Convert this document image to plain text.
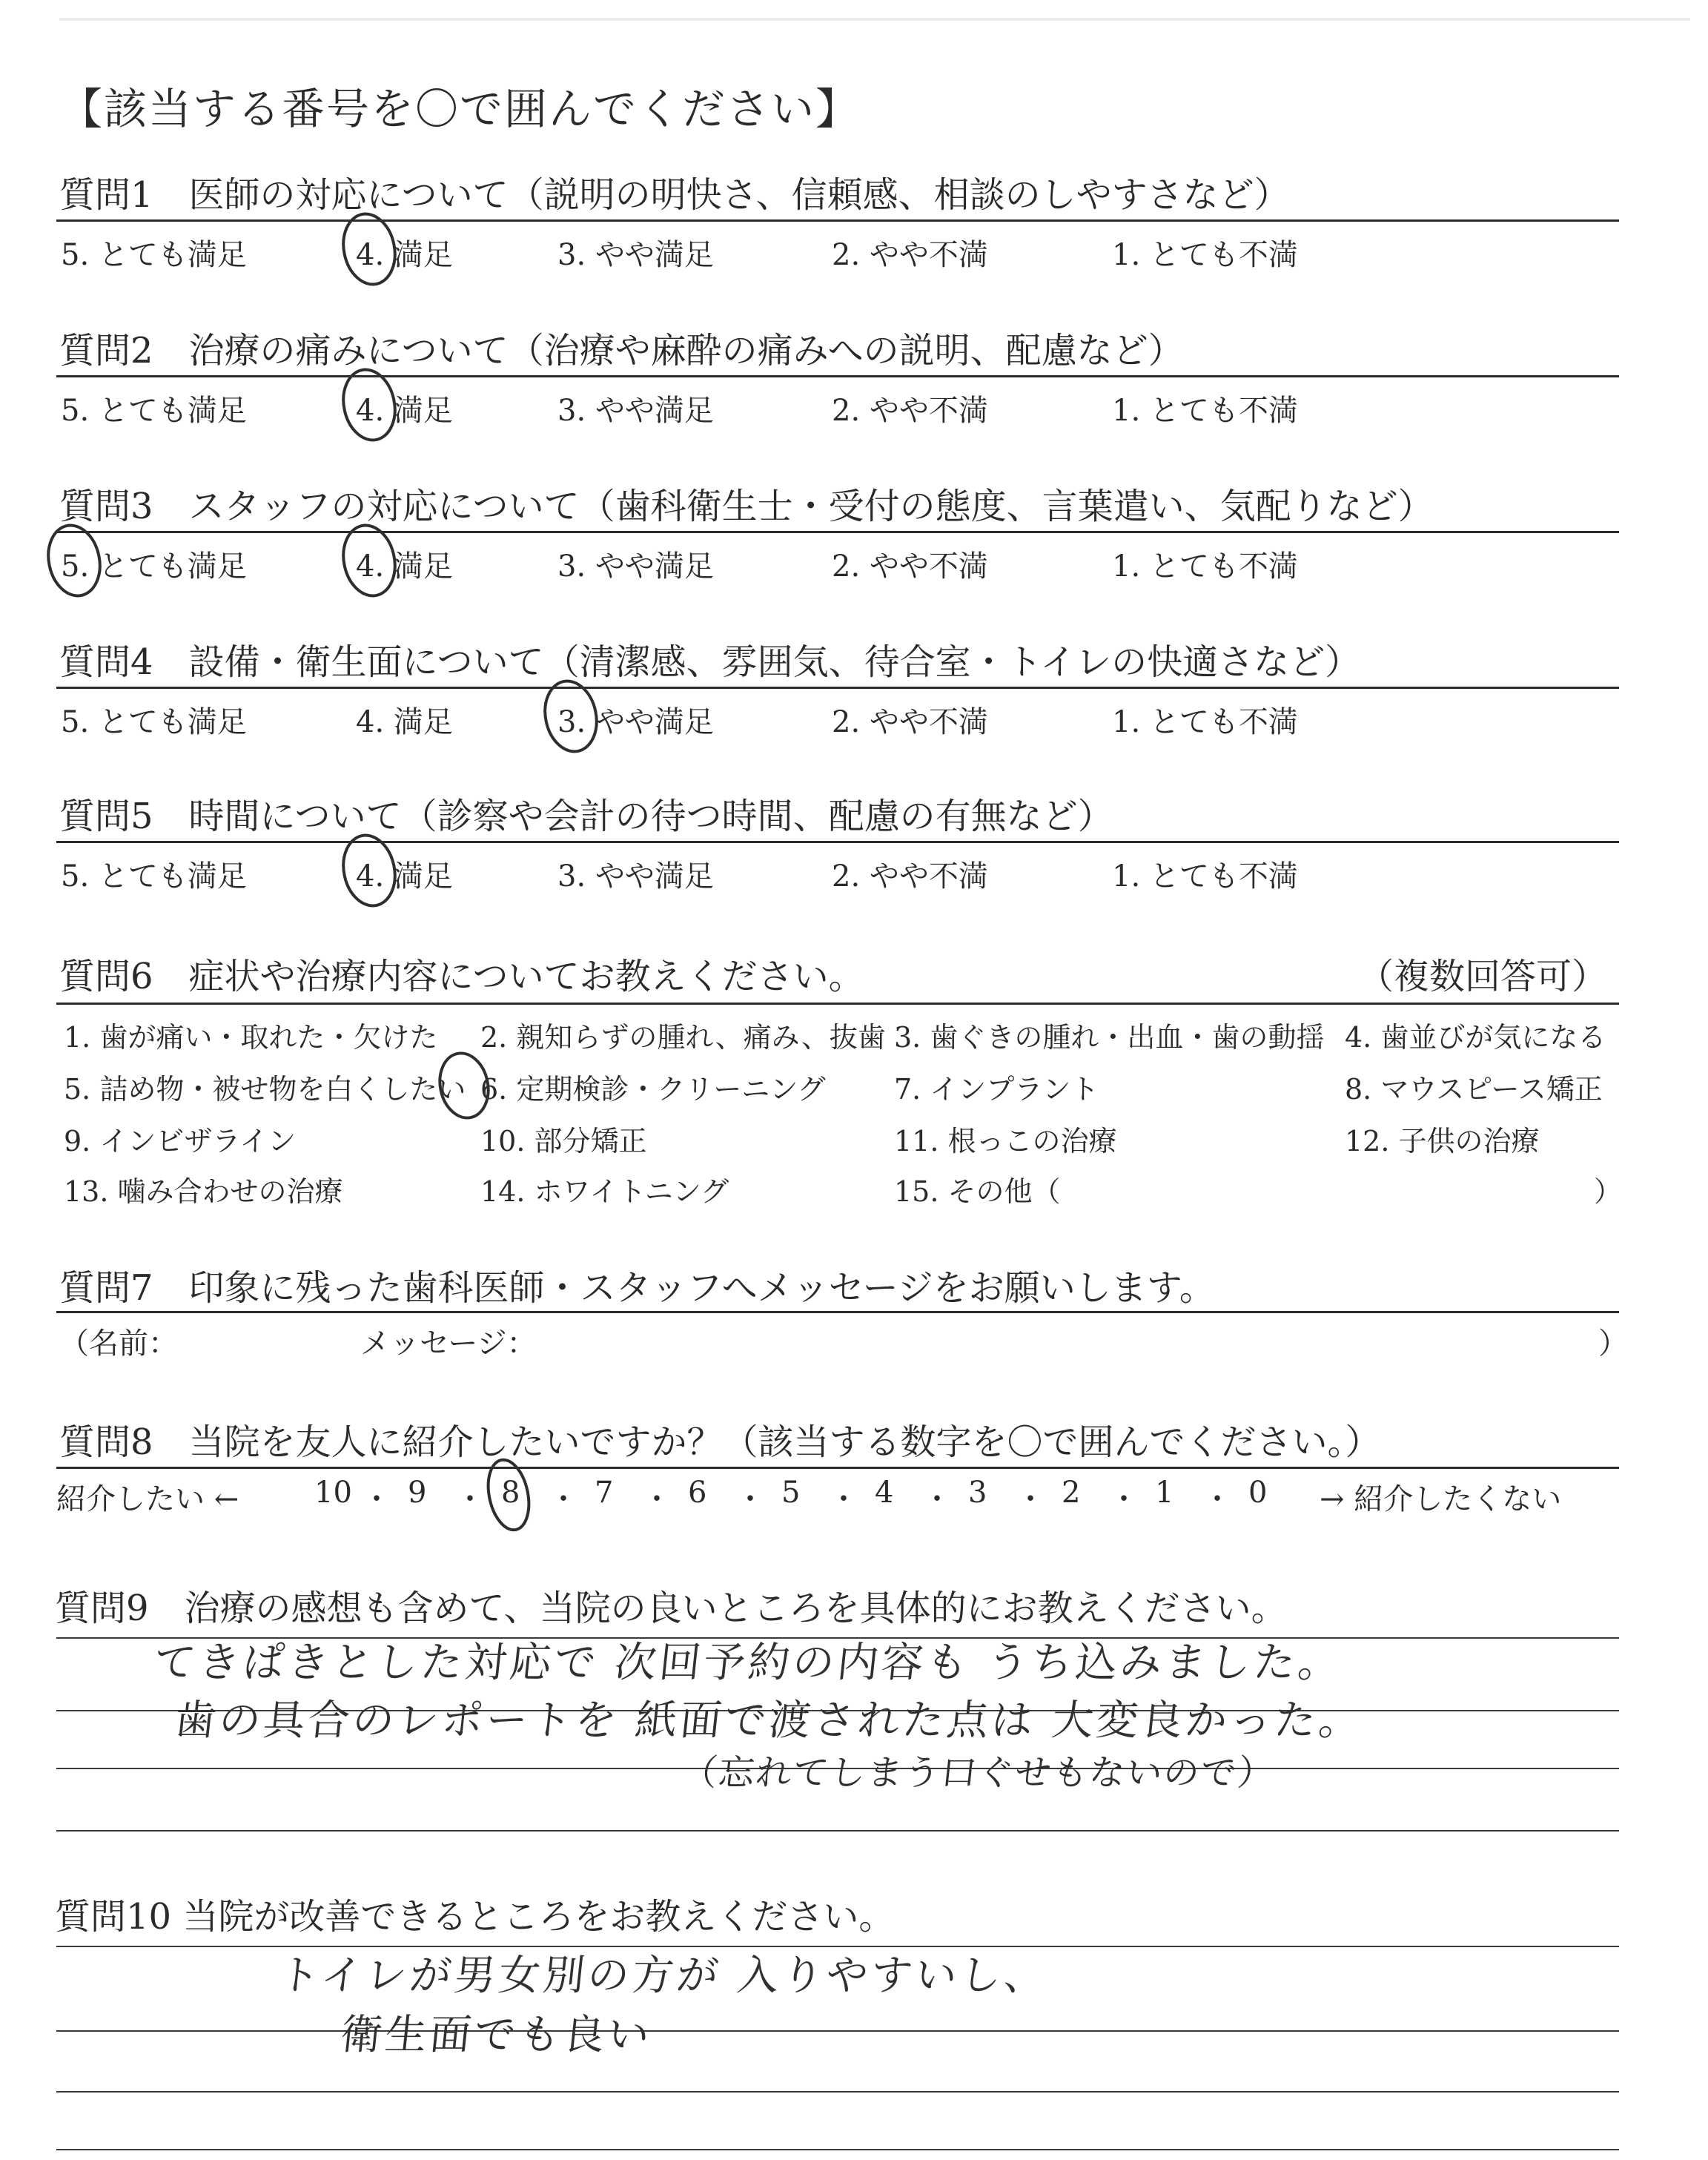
【該当する番号を〇で囲んでください】
質問1　医師の対応について（説明の明快さ、信頼感、相談のしやすさなど）
5. とても満足	4. 満足	3. やや満足	2. やや不満	1. とても不満
質問2　治療の痛みについて（治療や麻酔の痛みへの説明、配慮など）
5. とても満足	4. 満足	3. やや満足	2. やや不満	1. とても不満
質問3　スタッフの対応について（歯科衛生士・受付の態度、言葉遣い、気配りなど）
5. とても満足	4. 満足	3. やや満足	2. やや不満	1. とても不満
質問4　設備・衛生面について（清潔感、雰囲気、待合室・トイレの快適さなど）
5. とても満足	4. 満足	3. やや満足	2. やや不満	1. とても不満
質問5　時間について（診察や会計の待つ時間、配慮の有無など）
5. とても満足	4. 満足	3. やや満足	2. やや不満	1. とても不満
質問6　症状や治療内容についてお教えください。	（複数回答可）
1. 歯が痛い・取れた・欠けた 2. 親知らずの腫れ、痛み、抜歯 3. 歯ぐきの腫れ・出血・歯の動揺 4. 歯並びが気になる
5. 詰め物・被せ物を白くしたい 6. 定期検診・クリーニング 7. インプラント	8. マウスピース矯正
9. インビザライン	10. 部分矯正	11. 根っこの治療	12. 子供の治療
13. 噛み合わせの治療	14. ホワイトニング	15. その他（	）
質問7　印象に残った歯科医師・スタッフへメッセージをお願いします。
（名前：	メッセージ：	）
質問8　当院を友人に紹介したいですか？（該当する数字を〇で囲んでください。）
紹介したい ←	→ 紹介したくない
10 ・ 9 ・ 8 ・ 7 ・ 6 ・ 5 ・ 4 ・ 3 ・ 2 ・ 1 ・ 0
質問9　治療の感想も含めて、当院の良いところを具体的にお教えください。
てきぱきとした対応で 次回予約の内容も うち込みました。
歯の具合のレポートを 紙面で渡された点は 大変良かった。
（忘れてしまう口ぐせもないので）
質問10 当院が改善できるところをお教えください。
トイレが男女別の方が 入りやすいし、
衛生面でも良い
